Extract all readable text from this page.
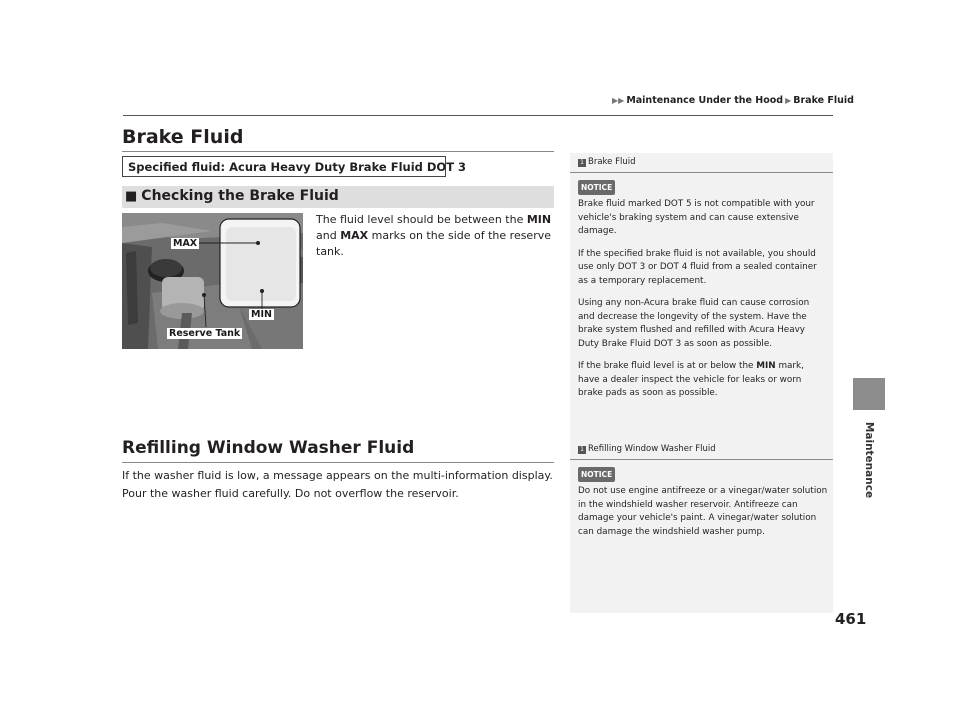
▶▶ Maintenance Under the Hood ▶ Brake Fluid
Maintenance
461
Brake Fluid
Specified fluid: Acura Heavy Duty Brake Fluid DOT 3
■ Checking the Brake Fluid
The fluid level should be between the MIN and MAX marks on the side of the reserve tank.
MAX
MIN
Reserve Tank
Refilling Window Washer Fluid
If the washer fluid is low, a message appears on the multi-information display.
Pour the washer fluid carefully. Do not overflow the reservoir.
1 Brake Fluid
NOTICE

Brake fluid marked DOT 5 is not compatible with your vehicle's braking system and can cause extensive damage.

If the specified brake fluid is not available, you should use only DOT 3 or DOT 4 fluid from a sealed container as a temporary replacement.

Using any non-Acura brake fluid can cause corrosion and decrease the longevity of the system. Have the brake system flushed and refilled with Acura Heavy Duty Brake Fluid DOT 3 as soon as possible.

If the brake fluid level is at or below the MIN mark, have a dealer inspect the vehicle for leaks or worn brake pads as soon as possible.

1 Refilling Window Washer Fluid
NOTICE

Do not use engine antifreeze or a vinegar/water solution in the windshield washer reservoir. Antifreeze can damage your vehicle's paint. A vinegar/water solution can damage the windshield washer pump.
